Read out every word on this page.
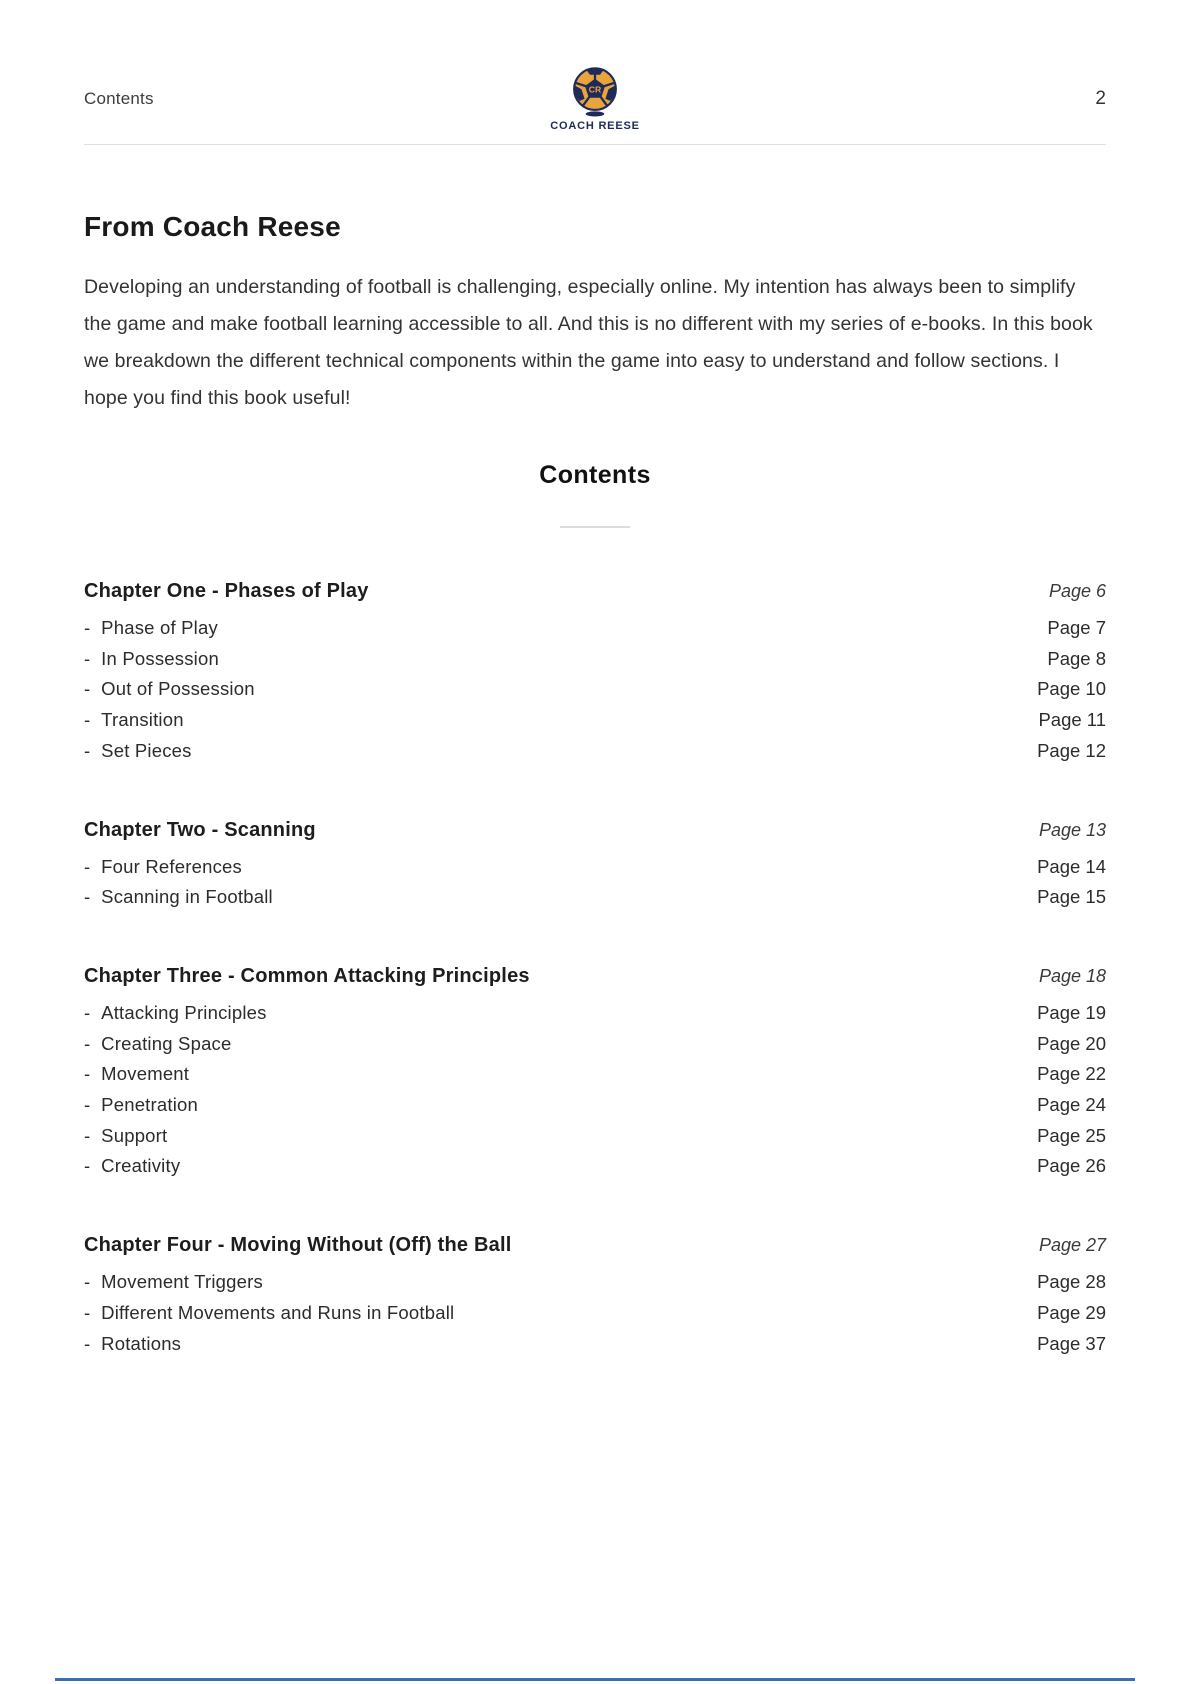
Contents	CR
COACH REESE
2
From Coach Reese

Developing an understanding of football is challenging, especially online. My intention has always been to simplify the game and make football learning accessible to all. And this is no different with my series of e-books. In this book we breakdown the different technical components within the game into easy to understand and follow sections. I hope you find this book useful!

Contents
Chapter One - Phases of Play	Page 6
- Phase of Play	Page 7
- In Possession	Page 8
- Out of Possession	Page 10
- Transition	Page 11
- Set Pieces	Page 12
Chapter Two - Scanning	Page 13
- Four References	Page 14
- Scanning in Football	Page 15
Chapter Three - Common Attacking Principles	Page 18
- Attacking Principles	Page 19
- Creating Space	Page 20
- Movement	Page 22
- Penetration	Page 24
- Support	Page 25
- Creativity	Page 26
Chapter Four - Moving Without (Off) the Ball	Page 27
- Movement Triggers	Page 28
- Different Movements and Runs in Football	Page 29
- Rotations	Page 37
